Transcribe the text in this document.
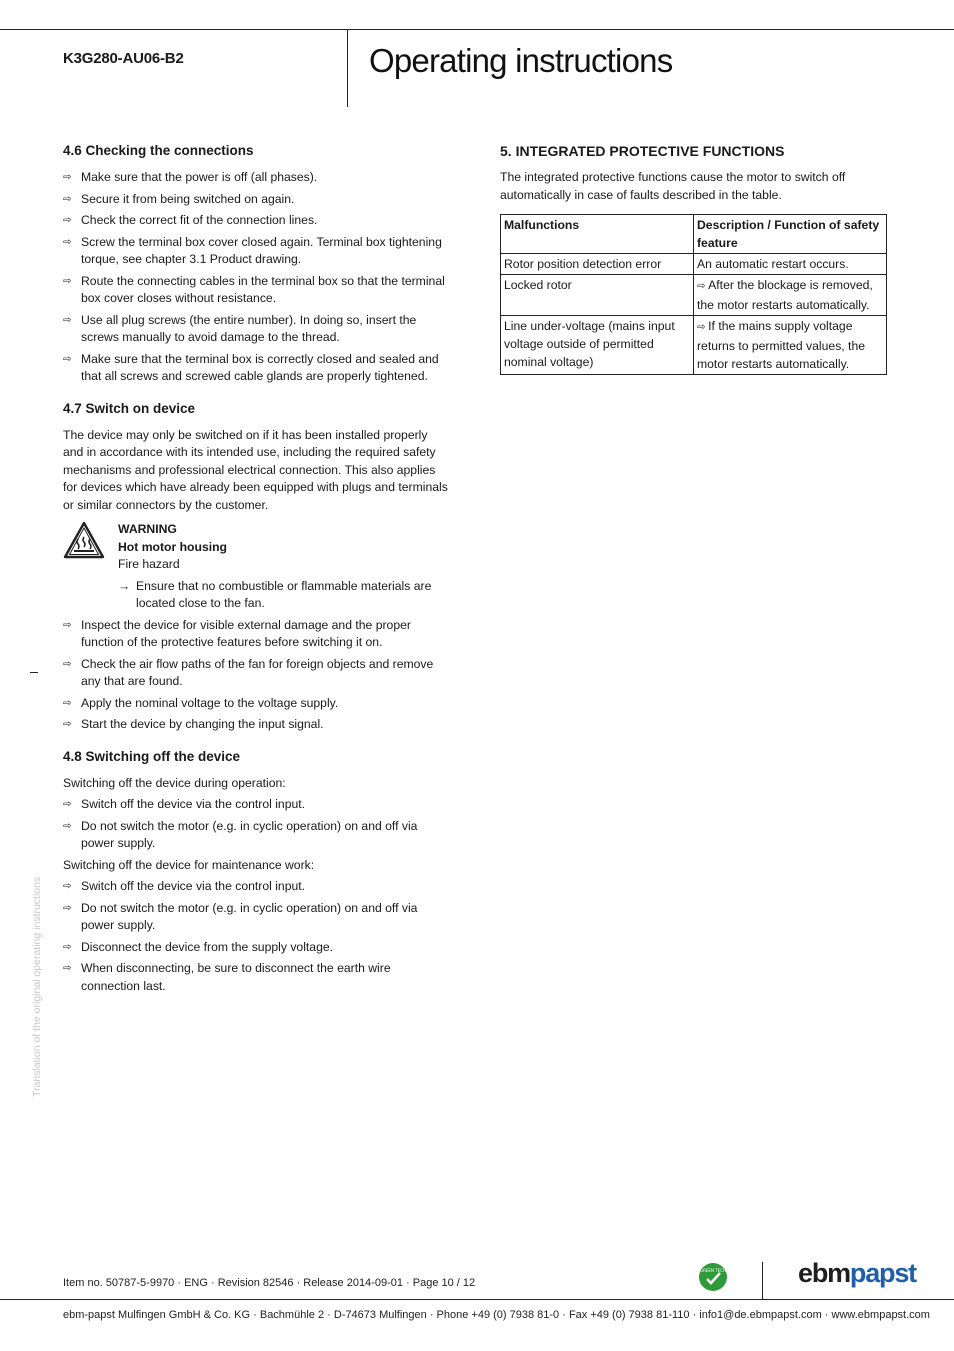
K3G280-AU06-B2	Operating instructions
4.6 Checking the connections
⇨ Make sure that the power is off (all phases).
⇨ Secure it from being switched on again.
⇨ Check the correct fit of the connection lines.
⇨ Screw the terminal box cover closed again. Terminal box tightening torque, see chapter 3.1 Product drawing.
⇨ Route the connecting cables in the terminal box so that the terminal box cover closes without resistance.
⇨ Use all plug screws (the entire number). In doing so, insert the screws manually to avoid damage to the thread.
⇨ Make sure that the terminal box is correctly closed and sealed and that all screws and screwed cable glands are properly tightened.
4.7 Switch on device

The device may only be switched on if it has been installed properly and in accordance with its intended use, including the required safety mechanisms and professional electrical connection. This also applies for devices which have already been equipped with plugs and terminals or similar connectors by the customer.

WARNING
Hot motor housing
Fire hazard
→ Ensure that no combustible or flammable materials are located close to the fan.
⇨ Inspect the device for visible external damage and the proper function of the protective features before switching it on.
⇨ Check the air flow paths of the fan for foreign objects and remove any that are found.
⇨ Apply the nominal voltage to the voltage supply.
⇨ Start the device by changing the input signal.
4.8 Switching off the device

Switching off the device during operation:

⇨ Switch off the device via the control input.
⇨ Do not switch the motor (e.g. in cyclic operation) on and off via power supply.

Switching off the device for maintenance work:

⇨ Switch off the device via the control input.
⇨ Do not switch the motor (e.g. in cyclic operation) on and off via power supply.
⇨ Disconnect the device from the supply voltage.
⇨ When disconnecting, be sure to disconnect the earth wire connection last.
5. INTEGRATED PROTECTIVE FUNCTIONS

The integrated protective functions cause the motor to switch off automatically in case of faults described in the table.

Malfunctions	Description / Function of safety feature
Rotor position detection error	An automatic restart occurs.
Locked rotor	⇨ After the blockage is removed, the motor restarts automatically.
Line under-voltage (mains input voltage outside of permitted nominal voltage)	⇨ If the mains supply voltage returns to permitted values, the motor restarts automatically.
Translation of the original operating instructions
Item no. 50787-5-9970 · ENG · Revision 82546 · Release 2014-09-01 · Page 10 / 12
GREEN TECH	ebmpapst
ebm-papst Mulfingen GmbH & Co. KG · Bachmühle 2 · D-74673 Mulfingen · Phone +49 (0) 7938 81-0 · Fax +49 (0) 7938 81-110 · info1@de.ebmpapst.com · www.ebmpapst.com
